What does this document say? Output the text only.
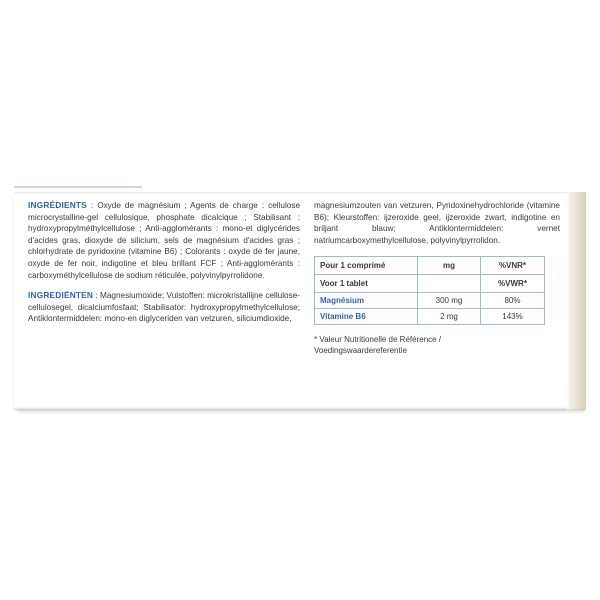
INGRÉDIENTS : Oxyde de magnésium ; Agents de charge : cellulose microcrystalline-gel cellulosique, phosphate dicalcique ; Stabilisant : hydroxypropylméthylcellulose ; Anti-agglomérants : mono-et diglycérides d'acides gras, dioxyde de silicium, sels de magnésium d'acides gras ; chlorhydrate de pyridoxine (vitamine B6) ; Colorants : oxyde de fer jaune, oxyde de fer noir, indigotine et bleu brillant FCF ; Anti-agglomérants : carboxyméthylcellulose de sodium réticulée, polyvinylpyrrolidone.

INGREDIËNTEN : Magnesiumoxide; Vulstoffen: microkristallijne cellulose-cellulosegel, dicalciumfosfaat; Stabilisator: hydroxypropylmethylcellulose; Antiklontermiddelen: mono-en diglyceriden van vetzuren, siliciumdioxide,

magnesiumzouten van vetzuren, Pyridoxinehydrochloride (vitamine B6); Kleurstoffen: ijzeroxide geel, ijzeroxide zwart, indigotine en briljant blauw; Antiklontermiddelen: vernet natriumcarboxymethylcellulose, polyvinylpyrrolidon.

Pour 1 comprimé	mg	%VNR*
Voor 1 tablet		%VWR*
Magnésium	300 mg	80%
Vitamine B6	2 mg	143%
* Valeur Nutritionelle de Référence /
Voedingswaardereferentie
